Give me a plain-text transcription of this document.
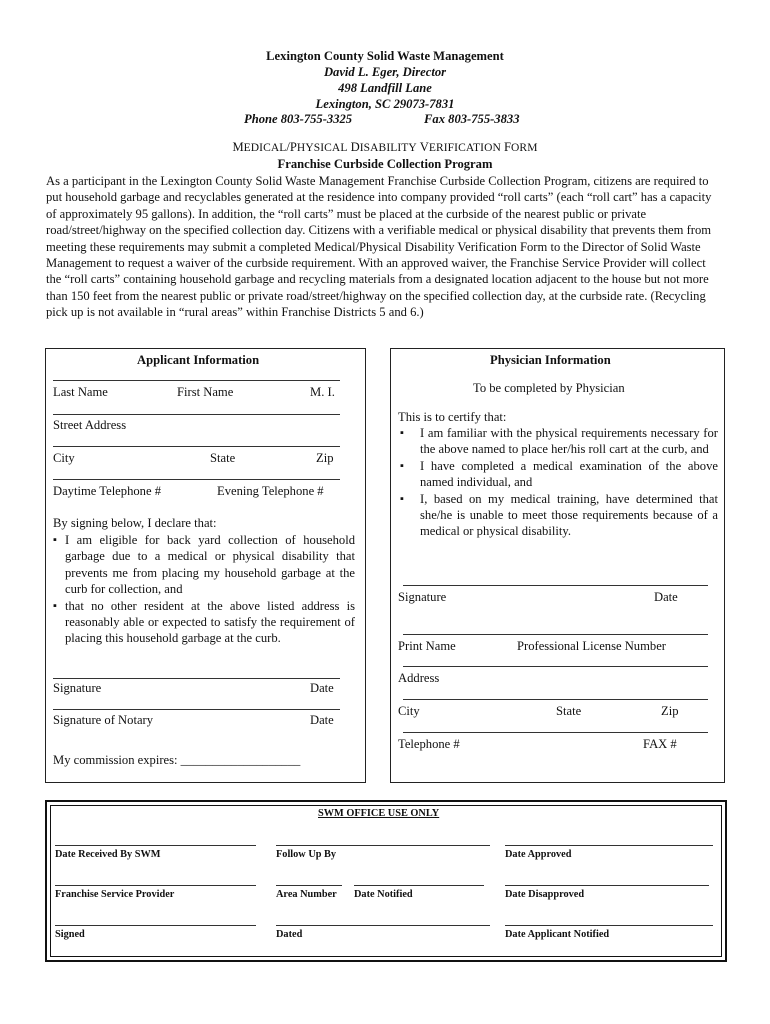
Lexington County Solid Waste Management
David L. Eger, Director
498 Landfill Lane
Lexington, SC 29073-7831
Phone 803-755-3325	Fax 803-755-3833
MEDICAL/PHYSICAL DISABILITY VERIFICATION FORM
Franchise Curbside Collection Program
As a participant in the Lexington County Solid Waste Management Franchise Curbside Collection Program, citizens are required to put household garbage and recyclables generated at the residence into company provided “roll carts” (each “roll cart” has a capacity of approximately 95 gallons). In addition, the “roll carts” must be placed at the curbside of the nearest public or private road/street/highway on the specified collection day. Citizens with a verifiable medical or physical disability that prevents them from meeting these requirements may submit a completed Medical/Physical Disability Verification Form to the Director of Solid Waste Management to request a waiver of the curbside requirement. With an approved waiver, the Franchise Service Provider will collect the “roll carts” containing household garbage and recycling materials from a designated location adjacent to the house but not more than 150 feet from the nearest public or private road/street/highway on the specified collection day, at the curbside rate. (Recycling pick up is not available in “rural areas” within Franchise Districts 5 and 6.)
Applicant Information
Last Name	First Name	M. I.
Street Address
City	State	Zip
Daytime Telephone #	Evening Telephone #
By signing below, I declare that:
▪ I am eligible for back yard collection of household garbage due to a medical or physical disability that prevents me from placing my household garbage at the curb for collection, and
▪ that no other resident at the above listed address is reasonably able or expected to satisfy the requirement of placing this household garbage at the curb.
Signature	Date
Signature of Notary	Date
My commission expires: ___________________
Physician Information
To be completed by Physician
This is to certify that:
▪ I am familiar with the physical requirements necessary for the above named to place her/his roll cart at the curb, and
▪ I have completed a medical examination of the above named individual, and
▪ I, based on my medical training, have determined that she/he is unable to meet those requirements because of a medical or physical disability.
Signature	Date
Print Name	Professional License Number
Address
City	State	Zip
Telephone #	FAX #
SWM OFFICE USE ONLY
Date Received By SWM	Follow Up By	Date Approved
Franchise Service Provider	Area Number Date Notified	Date Disapproved
Signed	Dated	Date Applicant Notified
